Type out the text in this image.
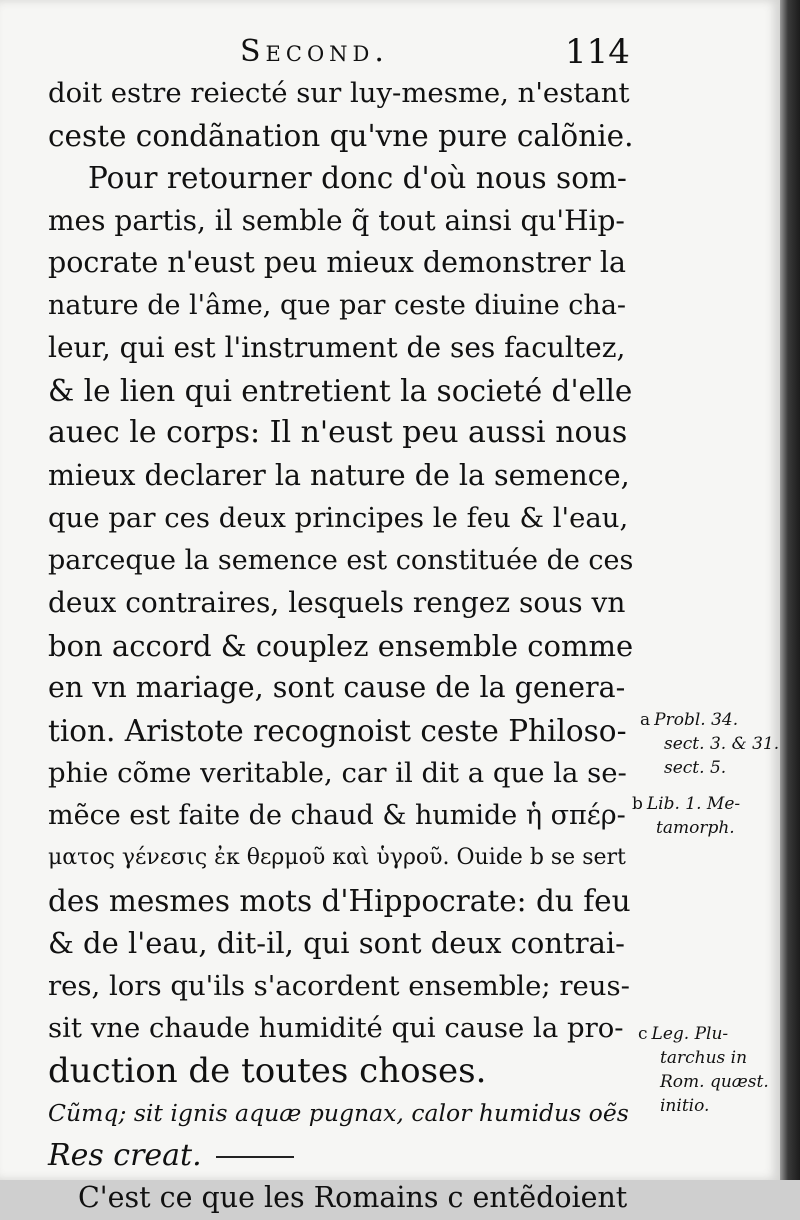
Second.	114
doit estre reiecté sur luy-mesme, n'estant
ceste condãnation qu'vne pure calõnie.
Pour retourner donc d'où nous som-
mes partis, il semble q̃ tout ainsi qu'Hip-
pocrate n'eust peu mieux demonstrer la
nature de l'âme, que par ceste diuine cha-
leur, qui est l'instrument de ses facultez,
& le lien qui entretient la societé d'elle
auec le corps: Il n'eust peu aussi nous
mieux declarer la nature de la semence,
que par ces deux principes le feu & l'eau,
parceque la semence est constituée de ces
deux contraires, lesquels rengez sous vn
bon accord & couplez ensemble comme
en vn mariage, sont cause de la genera-
tion. Aristote recognoist ceste Philoso-
phie cõme veritable, car il dit a que la se-
mẽce est faite de chaud & humide ἡ σπέρ-
ματος γένεσις ἐκ θερμοῦ καὶ ὑγροῦ. Ouide b se sert
des mesmes mots d'Hippocrate: du feu
& de l'eau, dit-il, qui sont deux contrai-
res, lors qu'ils s'acordent ensemble; reus-
sit vne chaude humidité qui cause la pro-
duction de toutes choses.
Cũmq; sit ignis aquæ pugnax, calor humidus oẽs
Res creat.
C'est ce que les Romains c entẽdoient
a Probl. 34.
sect. 3. & 31.
sect. 5.
b Lib. 1. Me-
tamorph.
c Leg. Plu-
tarchus in
Rom. quæst.
initio.
